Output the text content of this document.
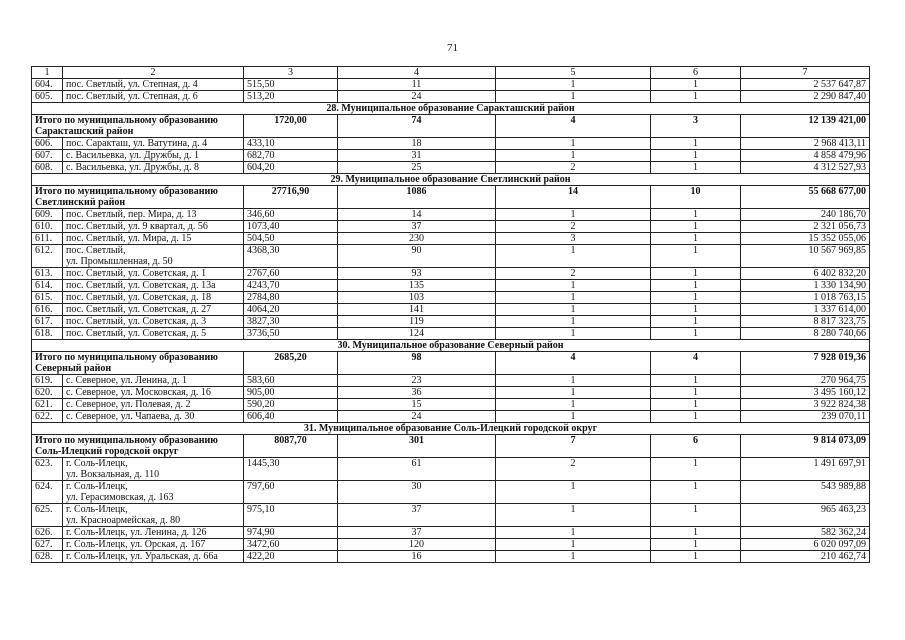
71
1	2	3	4	5	6	7
604.	пос. Светлый, ул. Степная, д. 4	515,50	11	1	1	2 537 647,87
605.	пос. Светлый, ул. Степная, д. 6	513,20	24	1	1	2 290 847,40
28. Муниципальное образование Саракташский район						
Итого по муниципальному образованию Саракташский район		1720,00	74	4	3	12 139 421,00
606.	пос. Саракташ, ул. Ватутина, д. 4	433,10	18	1	1	2 968 413,11
607.	с. Васильевка, ул. Дружбы, д. 1	682,70	31	1	1	4 858 479,96
608.	с. Васильевка, ул. Дружбы, д. 8	604,20	25	2	1	4 312 527,93
29. Муниципальное образование Светлинский район						
Итого по муниципальному образованию Светлинский район		27716,90	1086	14	10	55 668 677,00
609.	пос. Светлый, пер. Мира, д. 13	346,60	14	1	1	240 186,70
610.	пос. Светлый, ул. 9 квартал, д. 56	1073,40	37	2	1	2 321 056,73
611.	пос. Светлый, ул. Мира, д. 15	504,50	230	3	1	15 352 055,06
612.	пос. Светлый,
ул. Промышленная, д. 50	4368,30	90	1	1	10 567 969,85
613.	пос. Светлый, ул. Советская, д. 1	2767,60	93	2	1	6 402 832,20
614.	пос. Светлый, ул. Советская, д. 13а	4243,70	135	1	1	1 330 134,90
615.	пос. Светлый, ул. Советская, д. 18	2784,80	103	1	1	1 018 763,15
616.	пос. Светлый, ул. Советская, д. 27	4064,20	141	1	1	1 337 614,00
617.	пос. Светлый, ул. Советская, д. 3	3827,30	119	1	1	8 817 323,75
618.	пос. Светлый, ул. Советская, д. 5	3736,50	124	1	1	8 280 740,66
30. Муниципальное образование Северный район						
Итого по муниципальному образованию Северный район		2685,20	98	4	4	7 928 019,36
619.	с. Северное, ул. Ленина, д. 1	583,60	23	1	1	270 964,75
620.	с. Северное, ул. Московская, д. 16	905,00	36	1	1	3 495 160,12
621.	с. Северное, ул. Полевая, д. 2	590,20	15	1	1	3 922 824,38
622.	с. Северное, ул. Чапаева, д. 30	606,40	24	1	1	239 070,11
31. Муниципальное образование Соль-Илецкий городской округ						
Итого по муниципальному образованию Соль-Илецкий городской округ		8087,70	301	7	6	9 814 073,09
623.	г. Соль-Илецк,
ул. Вокзальная, д. 110	1445,30	61	2	1	1 491 697,91
624.	г. Соль-Илецк,
ул. Герасимовская, д. 163	797,60	30	1	1	543 989,88
625.	г. Соль-Илецк,
ул. Красноармейская, д. 80	975,10	37	1	1	965 463,23
626.	г. Соль-Илецк, ул. Ленина, д. 126	974,90	37	1	1	582 362,24
627.	г. Соль-Илецк, ул. Орская, д. 167	3472,60	120	1	1	6 020 097,09
628.	г. Соль-Илецк, ул. Уральская, д. 66а	422,20	16	1	1	210 462,74
